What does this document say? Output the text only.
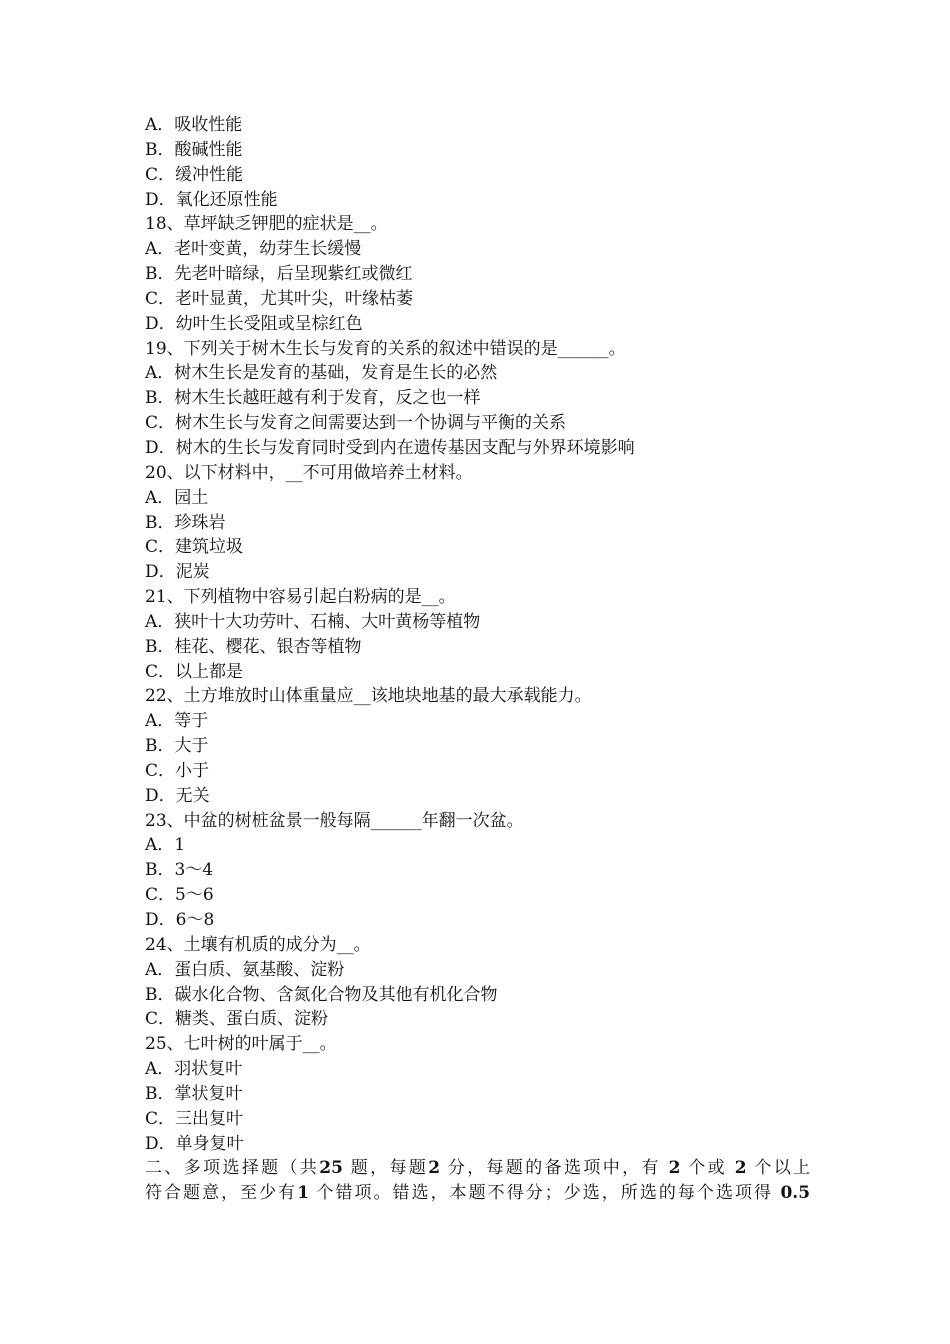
A．吸收性能
B．酸碱性能
C．缓冲性能
D．氧化还原性能
18、草坪缺乏钾肥的症状是__。
A．老叶变黄，幼芽生长缓慢
B．先老叶暗绿，后呈现紫红或微红
C．老叶显黄，尤其叶尖，叶缘枯萎
D．幼叶生长受阻或呈棕红色
19、下列关于树木生长与发育的关系的叙述中错误的是______。
A．树木生长是发育的基础，发育是生长的必然
B．树木生长越旺越有利于发育，反之也一样
C．树木生长与发育之间需要达到一个协调与平衡的关系
D．树木的生长与发育同时受到内在遗传基因支配与外界环境影响
20、以下材料中，__不可用做培养土材料。
A．园土
B．珍珠岩
C．建筑垃圾
D．泥炭
21、下列植物中容易引起白粉病的是__。
A．狭叶十大功劳叶、石楠、大叶黄杨等植物
B．桂花、樱花、银杏等植物
C．以上都是
22、土方堆放时山体重量应__该地块地基的最大承载能力。
A．等于
B．大于
C．小于
D．无关
23、中盆的树桩盆景一般每隔______年翻一次盆。
A．1
B．3～4
C．5～6
D．6～8
24、土壤有机质的成分为__。
A．蛋白质、氨基酸、淀粉
B．碳水化合物、含氮化合物及其他有机化合物
C．糖类、蛋白质、淀粉
25、七叶树的叶属于__。
A．羽状复叶
B．掌状复叶
C．三出复叶
D．单身复叶
二、多项选择题（共25 题，每题2 分，每题的备选项中，有 2 个或 2 个以上
符合题意，至少有1 个错项。错选，本题不得分；少选，所选的每个选项得 0.5
